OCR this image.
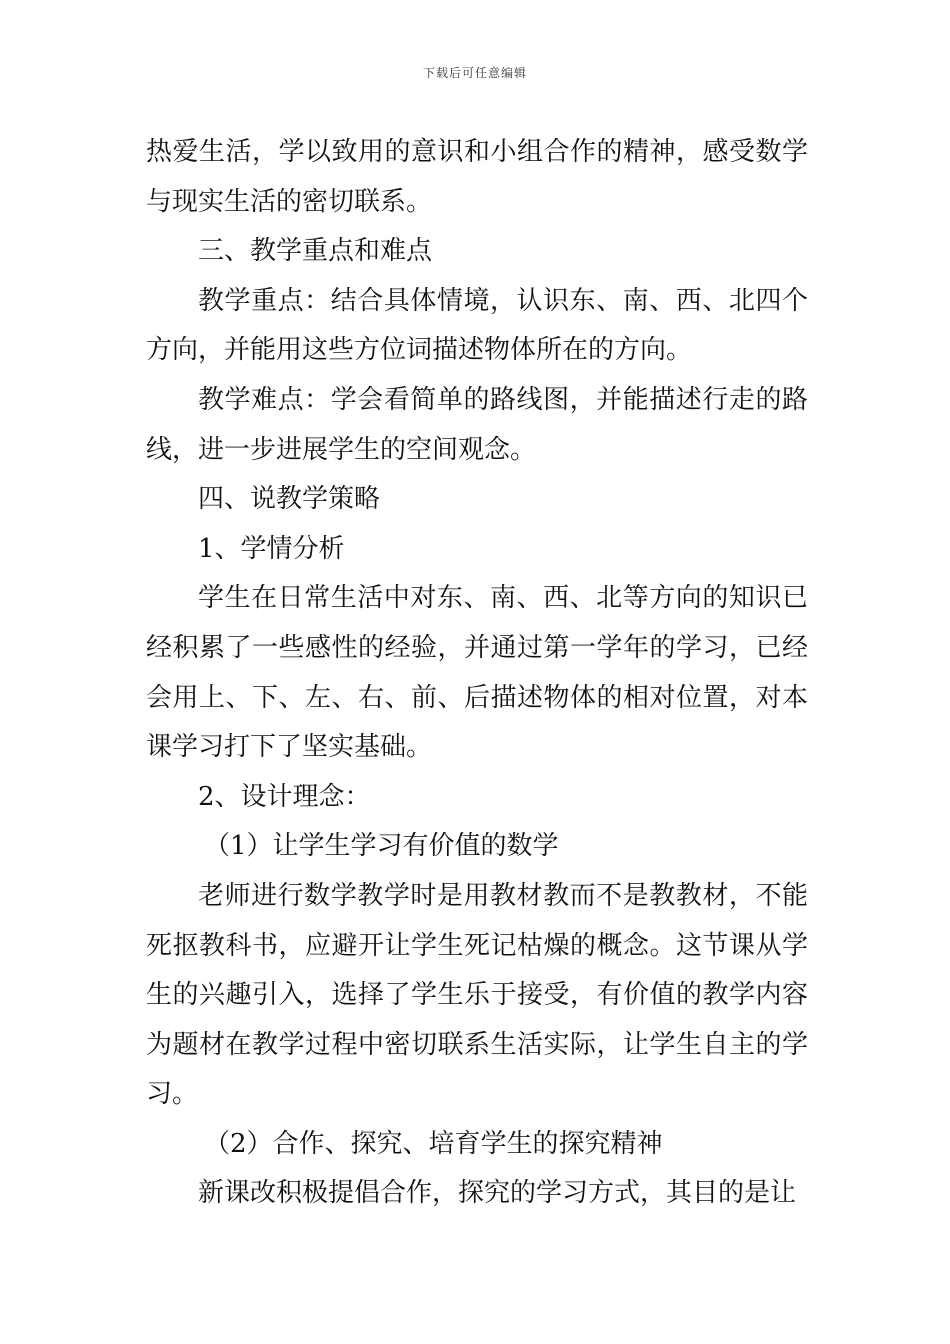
下载后可任意编辑

热爱生活，学以致用的意识和小组合作的精神，感受数学与现实生活的密切联系。

三、教学重点和难点

教学重点：结合具体情境，认识东、南、西、北四个方向，并能用这些方位词描述物体所在的方向。

教学难点：学会看简单的路线图，并能描述行走的路线，进一步进展学生的空间观念。

四、说教学策略

1、学情分析

学生在日常生活中对东、南、西、北等方向的知识已经积累了一些感性的经验，并通过第一学年的学习，已经会用上、下、左、右、前、后描述物体的相对位置，对本课学习打下了坚实基础。

2、设计理念：

（1）让学生学习有价值的数学

老师进行数学教学时是用教材教而不是教教材，不能死抠教科书，应避开让学生死记枯燥的概念。这节课从学生的兴趣引入，选择了学生乐于接受，有价值的教学内容为题材在教学过程中密切联系生活实际，让学生自主的学习。

（2）合作、探究、培育学生的探究精神

新课改积极提倡合作，探究的学习方式，其目的是让
